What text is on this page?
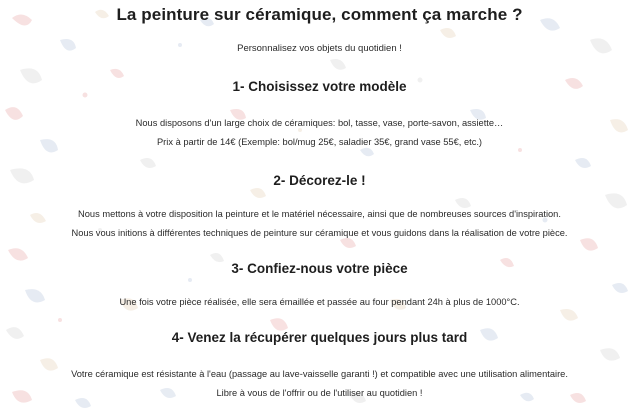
La peinture sur céramique, comment ça marche ?
Personnalisez vos objets du quotidien !
1- Choisissez votre modèle
Nous disposons d'un large choix de céramiques: bol, tasse, vase, porte-savon, assiette…
Prix à partir de 14€ (Exemple: bol/mug 25€, saladier 35€, grand vase 55€, etc.)
2- Décorez-le !
Nous mettons à votre disposition la peinture et le matériel nécessaire, ainsi que de nombreuses sources d'inspiration.
Nous vous initions à différentes techniques de peinture sur céramique et vous guidons dans la réalisation de votre pièce.
3- Confiez-nous votre pièce
Une fois votre pièce réalisée, elle sera émaillée et passée au four pendant 24h à plus de 1000°C.
4- Venez la récupérer quelques jours plus tard
Votre céramique est résistante à l'eau (passage au lave-vaisselle garanti !) et compatible avec une utilisation alimentaire.
Libre à vous de l'offrir ou de l'utiliser au quotidien !
